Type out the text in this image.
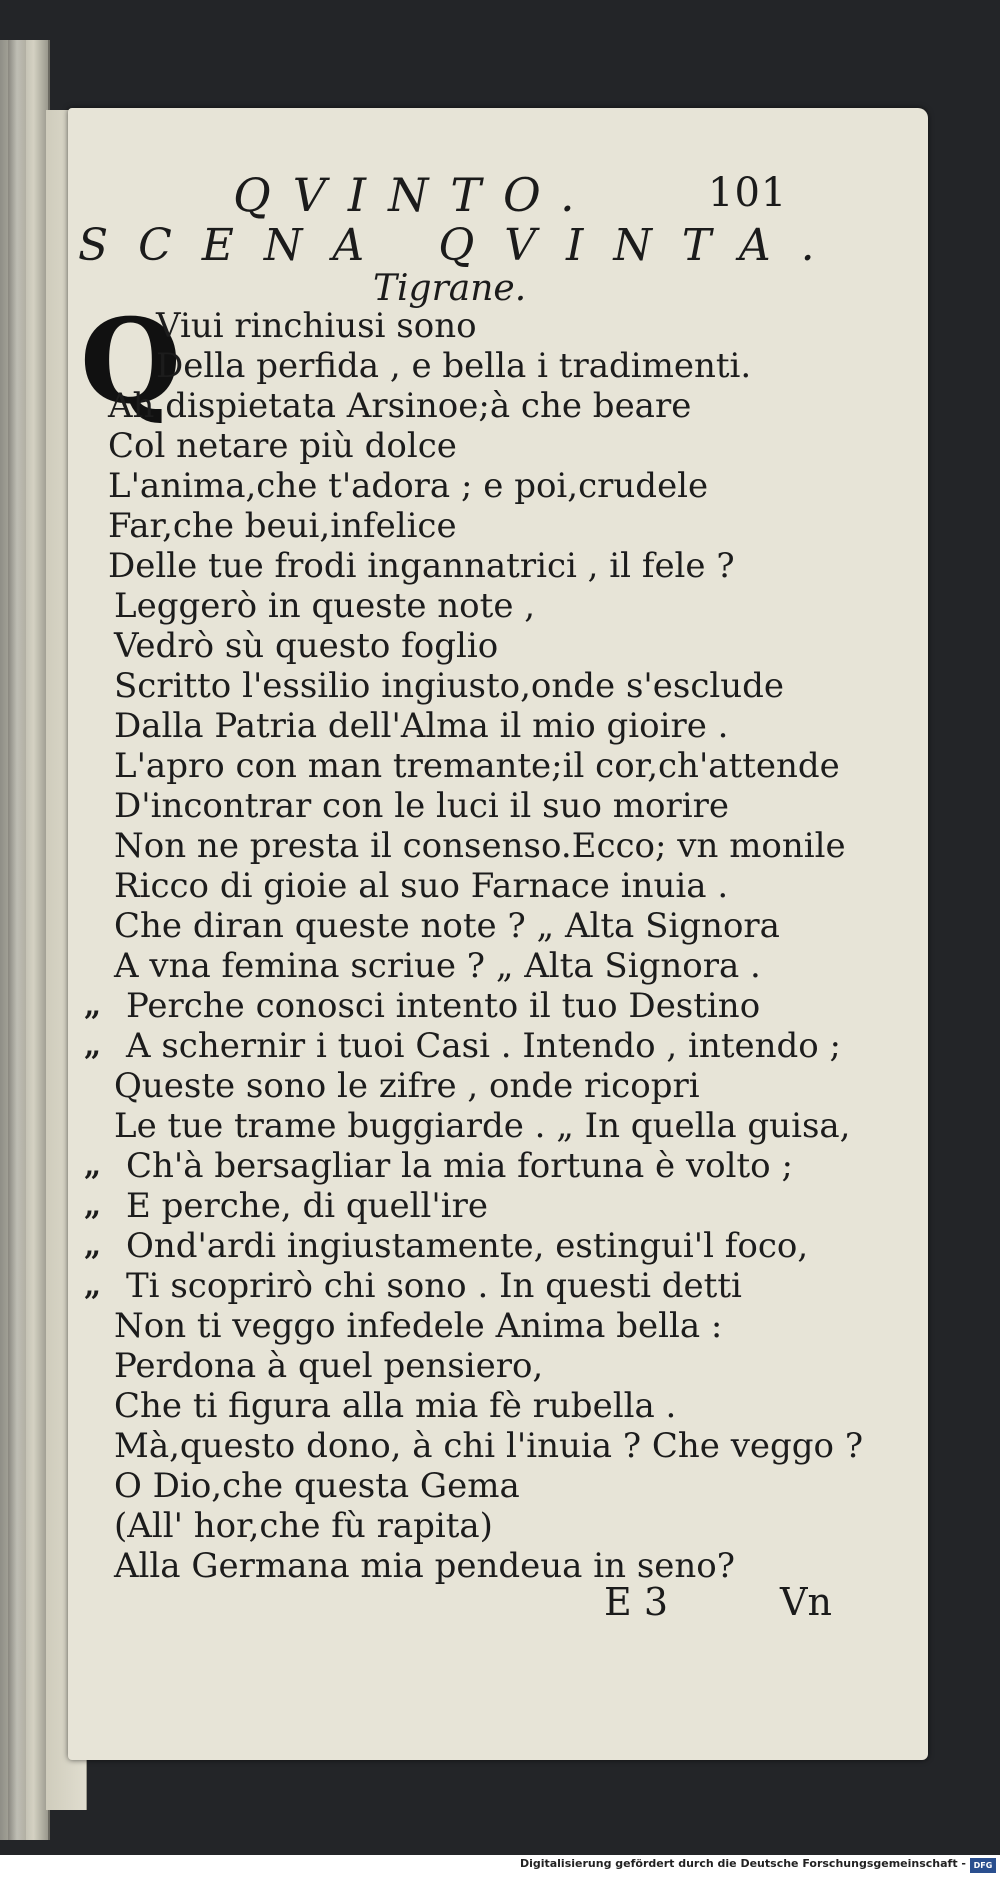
QVINTO.	101
SCENA QVINTA.
Tigrane.
Q
Viui rinchiusi sono
Della perfida , e bella i tradimenti.
Ah dispietata Arsinoe;à che beare
Col netare più dolce
L'anima,che t'adora ; e poi,crudele
Far,che beui,infelice
Delle tue frodi ingannatrici , il fele ?
Leggerò in queste note ,
Vedrò sù questo foglio
Scritto l'essilio ingiusto,onde s'esclude
Dalla Patria dell'Alma il mio gioire .
L'apro con man tremante;il cor,ch'attende
D'incontrar con le luci il suo morire
Non ne presta il consenso.Ecco; vn monile
Ricco di gioie al suo Farnace inuia .
Che diran queste note ? „ Alta Signora
A vna femina scriue ? „ Alta Signora .
„ Perche conosci intento il tuo Destino
„ A schernir i tuoi Casi . Intendo , intendo ;
Queste sono le zifre , onde ricopri
Le tue trame buggiarde . „ In quella guisa,
„ Ch'à bersagliar la mia fortuna è volto ;
„ E perche, di quell'ire
„ Ond'ardi ingiustamente, estingui'l foco,
„ Ti scoprirò chi sono . In questi detti
Non ti veggo infedele Anima bella :
Perdona à quel pensiero,
Che ti figura alla mia fè rubella .
Mà,questo dono, à chi l'inuia ? Che veggo ?
O Dio,che questa Gema
(All' hor,che fù rapita)
Alla Germana mia pendeua in seno?
E 3	Vn
Digitalisierung gefördert durch die Deutsche Forschungsgemeinschaft - DFG
